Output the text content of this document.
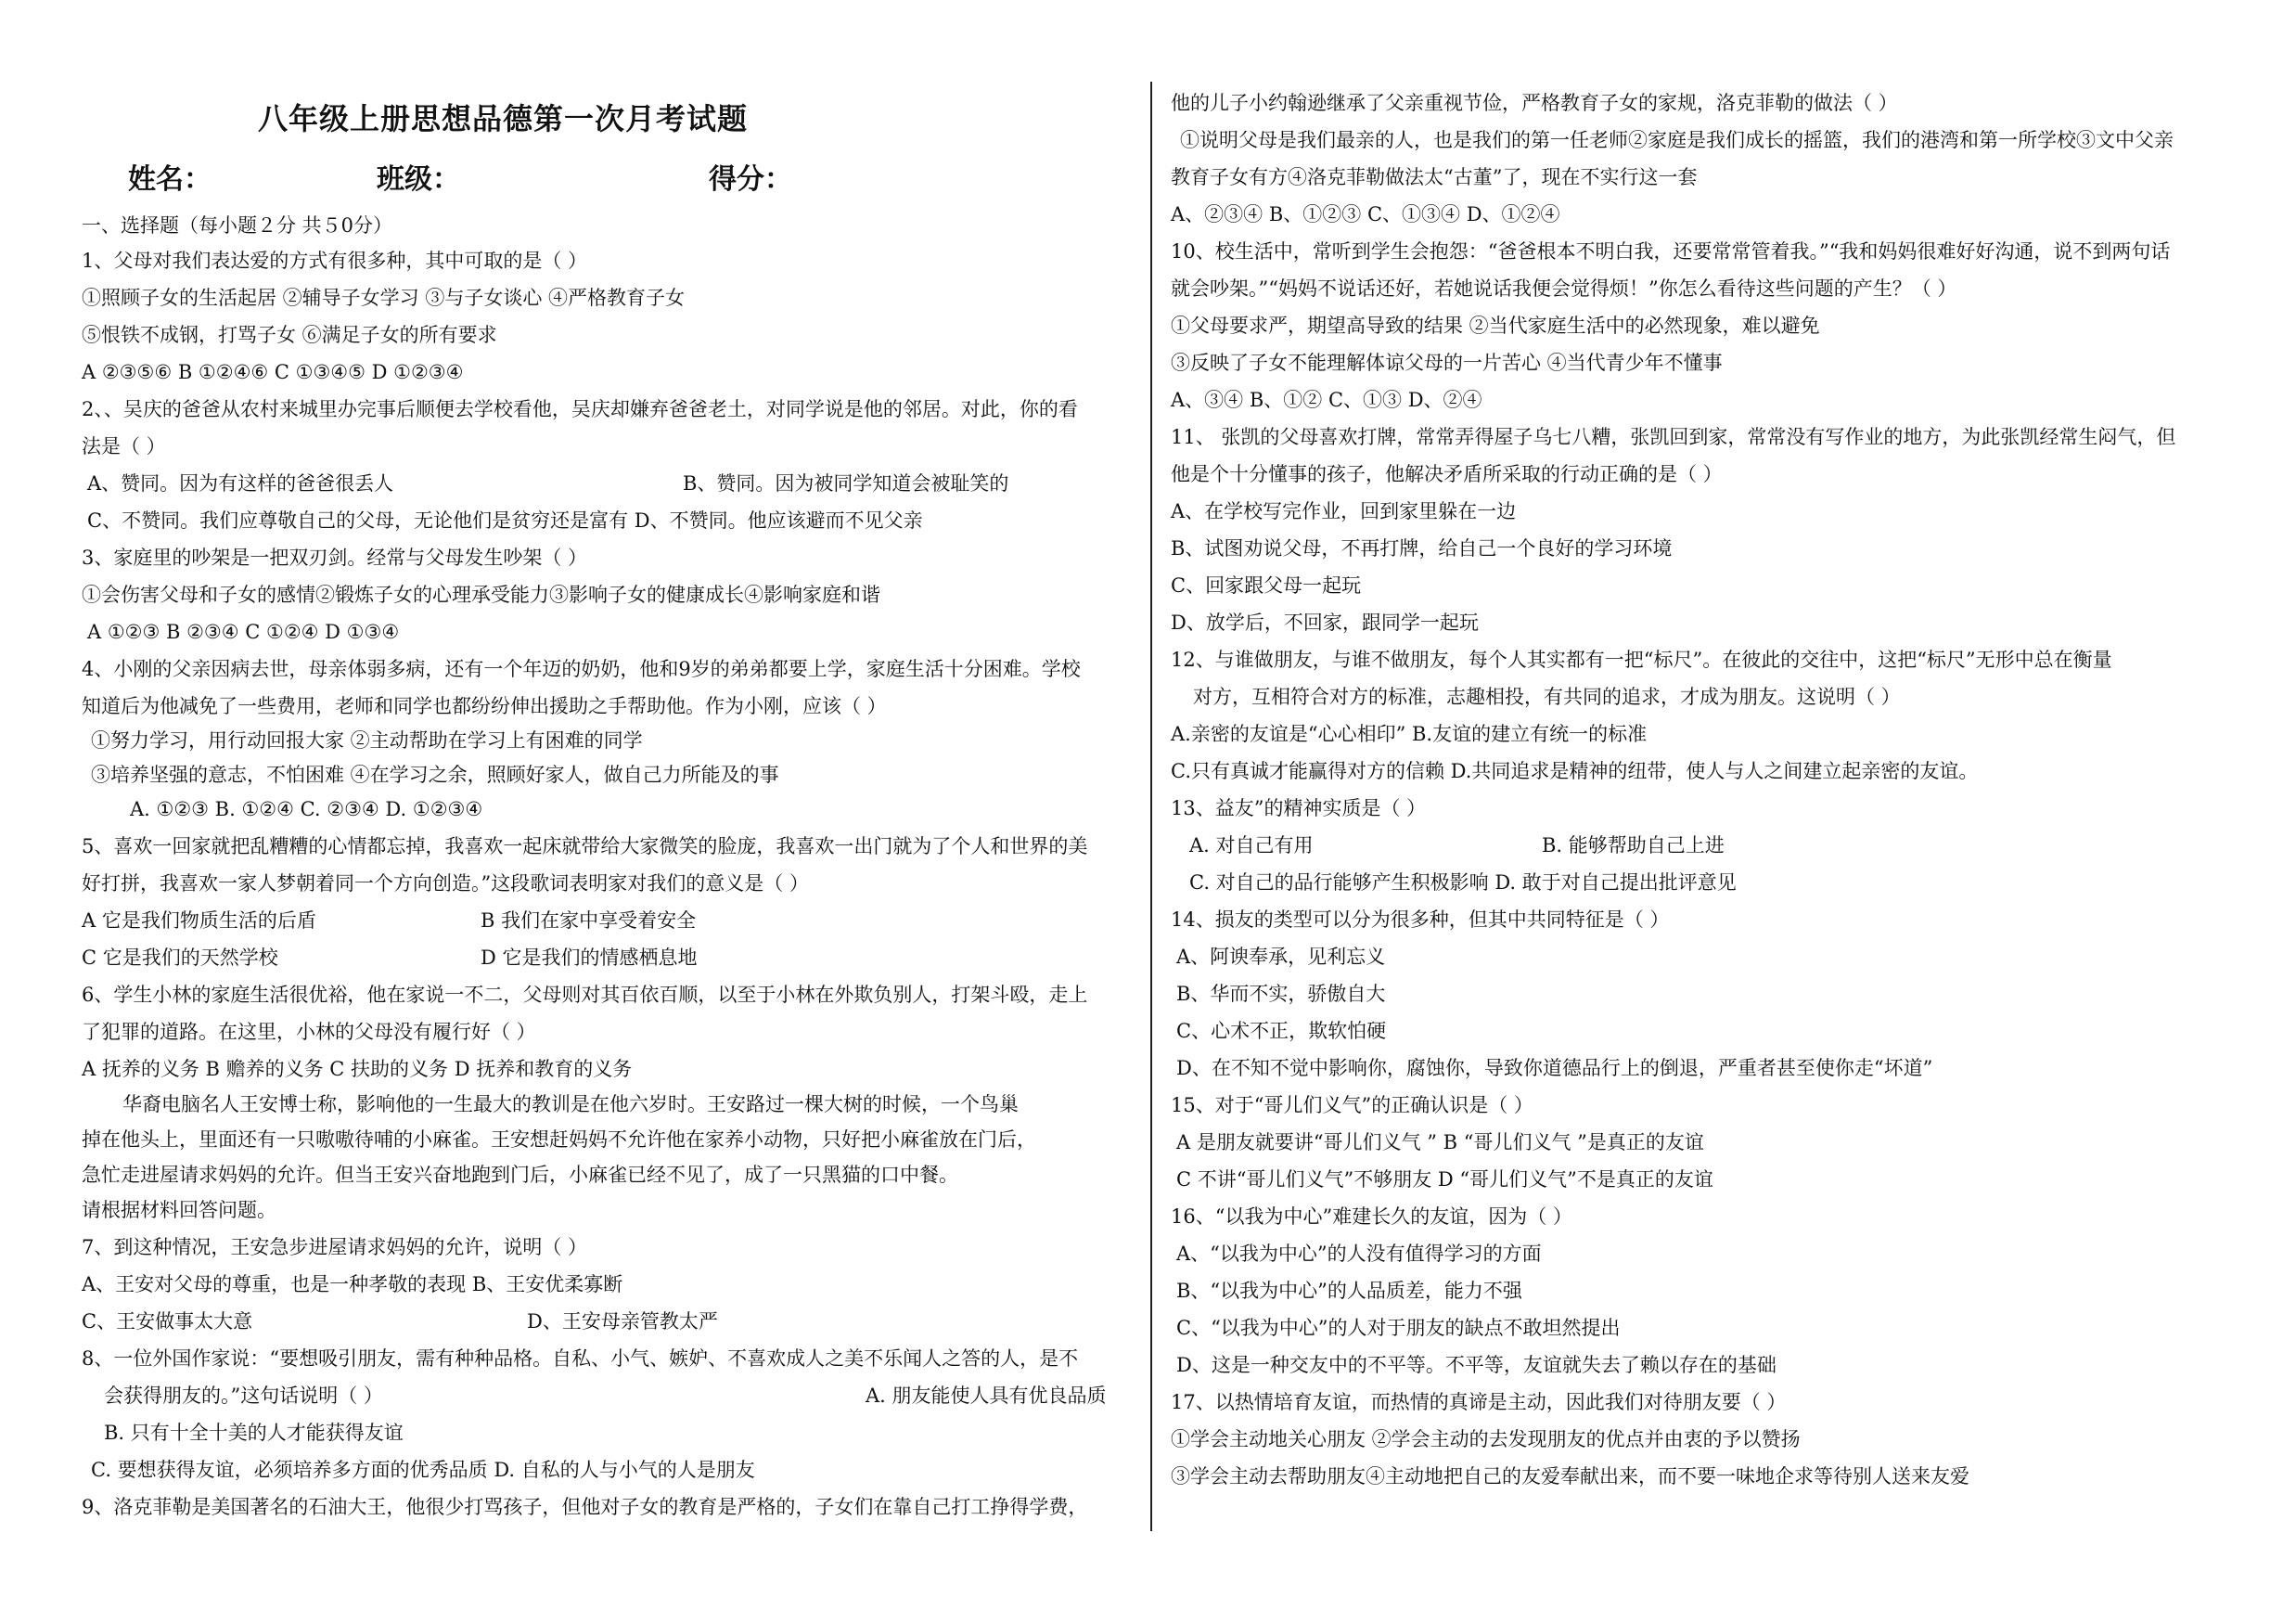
八年级上册思想品德第一次月考试题
姓名：	班级：	得分：
一、选择题（每小题２分 共５0分）
1、父母对我们表达爱的方式有很多种，其中可取的是（ ）
①照顾子女的生活起居 ②辅导子女学习 ③与子女谈心 ④严格教育子女
⑤恨铁不成钢，打骂子女 ⑥满足子女的所有要求
A ②③⑤⑥ B ①②④⑥ C ①③④⑤ D ①②③④
2、、吴庆的爸爸从农村来城里办完事后顺便去学校看他，吴庆却嫌弃爸爸老土，对同学说是他的邻居。对此，你的看
法是（ ）
A、赞同。因为有这样的爸爸很丢人	B、赞同。因为被同学知道会被耻笑的
C、不赞同。我们应尊敬自己的父母，无论他们是贫穷还是富有 D、不赞同。他应该避而不见父亲
3、家庭里的吵架是一把双刃剑。经常与父母发生吵架（ ）
①会伤害父母和子女的感情②锻炼子女的心理承受能力③影响子女的健康成长④影响家庭和谐
A ①②③ B ②③④ C ①②④ D ①③④
4、小刚的父亲因病去世，母亲体弱多病，还有一个年迈的奶奶，他和9岁的弟弟都要上学，家庭生活十分困难。学校
知道后为他减免了一些费用，老师和同学也都纷纷伸出援助之手帮助他。作为小刚，应该（ ）
①努力学习，用行动回报大家 ②主动帮助在学习上有困难的同学
③培养坚强的意志，不怕困难 ④在学习之余，照顾好家人，做自己力所能及的事
A. ①②③ B. ①②④ C. ②③④ D. ①②③④
5、喜欢一回家就把乱糟糟的心情都忘掉，我喜欢一起床就带给大家微笑的脸庞，我喜欢一出门就为了个人和世界的美
好打拼，我喜欢一家人梦朝着同一个方向创造。”这段歌词表明家对我们的意义是（ ）
A 它是我们物质生活的后盾	B 我们在家中享受着安全
C 它是我们的天然学校	D 它是我们的情感栖息地
6、学生小林的家庭生活很优裕，他在家说一不二，父母则对其百依百顺，以至于小林在外欺负别人，打架斗殴，走上
了犯罪的道路。在这里，小林的父母没有履行好（ ）
A 抚养的义务 B 赡养的义务 C 扶助的义务 D 抚养和教育的义务
华裔电脑名人王安博士称，影响他的一生最大的教训是在他六岁时。王安路过一棵大树的时候，一个鸟巢
掉在他头上，里面还有一只嗷嗷待哺的小麻雀。王安想赶妈妈不允许他在家养小动物，只好把小麻雀放在门后，
急忙走进屋请求妈妈的允许。但当王安兴奋地跑到门后，小麻雀已经不见了，成了一只黑猫的口中餐。
请根据材料回答问题。
7、到这种情况，王安急步进屋请求妈妈的允许，说明（ ）
A、王安对父母的尊重，也是一种孝敬的表现 B、王安优柔寡断
C、王安做事太大意	D、王安母亲管教太严
8、一位外国作家说：“要想吸引朋友，需有种种品格。自私、小气、嫉妒、不喜欢成人之美不乐闻人之答的人，是不
会获得朋友的。”这句话说明（ ）	A. 朋友能使人具有优良品质
B. 只有十全十美的人才能获得友谊
C. 要想获得友谊，必须培养多方面的优秀品质 D. 自私的人与小气的人是朋友
9、洛克菲勒是美国著名的石油大王，他很少打骂孩子，但他对子女的教育是严格的，子女们在靠自己打工挣得学费，
他的儿子小约翰逊继承了父亲重视节俭，严格教育子女的家规，洛克菲勒的做法（ ）
①说明父母是我们最亲的人，也是我们的第一任老师②家庭是我们成长的摇篮，我们的港湾和第一所学校③文中父亲
教育子女有方④洛克菲勒做法太“古董”了，现在不实行这一套
A、②③④ B、①②③ C、①③④ D、①②④
10、校生活中，常听到学生会抱怨：“爸爸根本不明白我，还要常常管着我。”“我和妈妈很难好好沟通，说不到两句话
就会吵架。”“妈妈不说话还好，若她说话我便会觉得烦！”你怎么看待这些问题的产生？（ ）
①父母要求严，期望高导致的结果 ②当代家庭生活中的必然现象，难以避免
③反映了子女不能理解体谅父母的一片苦心 ④当代青少年不懂事
A、③④ B、①② C、①③ D、②④
11、 张凯的父母喜欢打牌，常常弄得屋子乌七八糟，张凯回到家，常常没有写作业的地方，为此张凯经常生闷气，但
他是个十分懂事的孩子，他解决矛盾所采取的行动正确的是（ ）
A、在学校写完作业，回到家里躲在一边
B、试图劝说父母，不再打牌，给自己一个良好的学习环境
C、回家跟父母一起玩
D、放学后，不回家，跟同学一起玩
12、与谁做朋友，与谁不做朋友，每个人其实都有一把“标尺”。在彼此的交往中，这把“标尺”无形中总在衡量
对方，互相符合对方的标准，志趣相投，有共同的追求，才成为朋友。这说明（ ）
A.亲密的友谊是“心心相印” B.友谊的建立有统一的标准
C.只有真诚才能赢得对方的信赖 D.共同追求是精神的纽带，使人与人之间建立起亲密的友谊。
13、益友”的精神实质是（ ）
A. 对自己有用	B. 能够帮助自己上进
C. 对自己的品行能够产生积极影响 D. 敢于对自己提出批评意见
14、损友的类型可以分为很多种，但其中共同特征是（ ）
A、阿谀奉承，见利忘义
B、华而不实，骄傲自大
C、心术不正，欺软怕硬
D、在不知不觉中影响你，腐蚀你，导致你道德品行上的倒退，严重者甚至使你走“坏道”
15、对于“哥儿们义气”的正确认识是（ ）
A 是朋友就要讲“哥儿们义气 ” B “哥儿们义气 ”是真正的友谊
C 不讲“哥儿们义气”不够朋友 D “哥儿们义气”不是真正的友谊
16、“以我为中心”难建长久的友谊，因为（ ）
A、“以我为中心”的人没有值得学习的方面
B、“以我为中心”的人品质差，能力不强
C、“以我为中心”的人对于朋友的缺点不敢坦然提出
D、这是一种交友中的不平等。不平等，友谊就失去了赖以存在的基础
17、以热情培育友谊，而热情的真谛是主动，因此我们对待朋友要（ ）
①学会主动地关心朋友 ②学会主动的去发现朋友的优点并由衷的予以赞扬
③学会主动去帮助朋友④主动地把自己的友爱奉献出来，而不要一味地企求等待别人送来友爱
